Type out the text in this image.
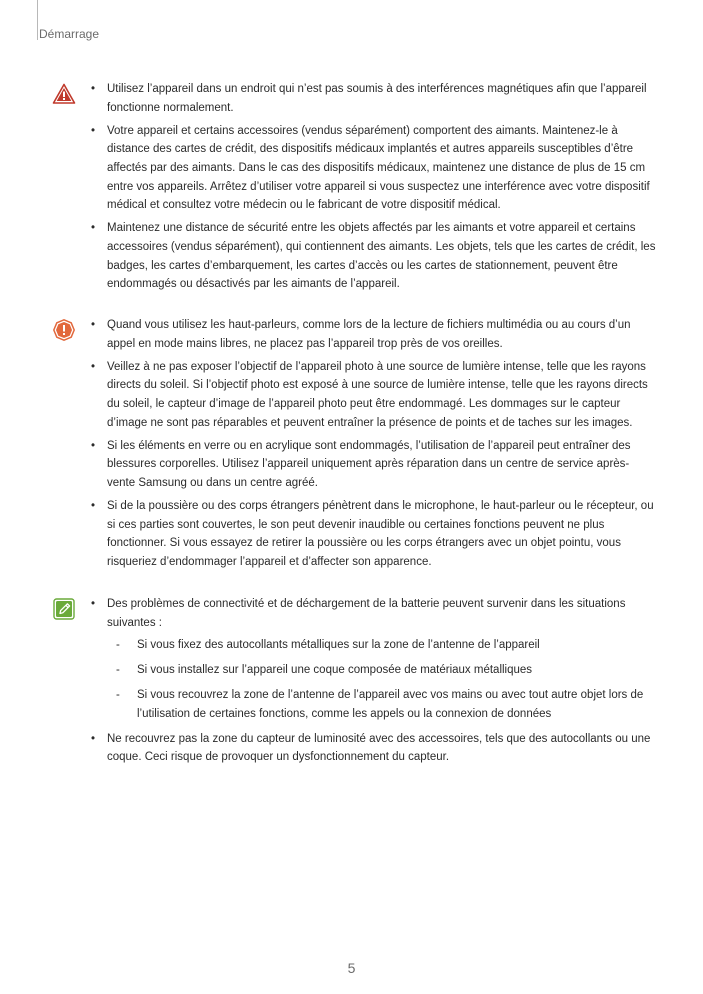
Démarrage
• Utilisez l’appareil dans un endroit qui n’est pas soumis à des interférences magnétiques afin que l’appareil fonctionne normalement.
• Votre appareil et certains accessoires (vendus séparément) comportent des aimants. Maintenez-le à distance des cartes de crédit, des dispositifs médicaux implantés et autres appareils susceptibles d’être affectés par des aimants. Dans le cas des dispositifs médicaux, maintenez une distance de plus de 15 cm entre vos appareils. Arrêtez d’utiliser votre appareil si vous suspectez une interférence avec votre dispositif médical et consultez votre médecin ou le fabricant de votre dispositif médical.
• Maintenez une distance de sécurité entre les objets affectés par les aimants et votre appareil et certains accessoires (vendus séparément), qui contiennent des aimants. Les objets, tels que les cartes de crédit, les badges, les cartes d’embarquement, les cartes d’accès ou les cartes de stationnement, peuvent être endommagés ou désactivés par les aimants de l’appareil.
• Quand vous utilisez les haut-parleurs, comme lors de la lecture de fichiers multimédia ou au cours d’un appel en mode mains libres, ne placez pas l’appareil trop près de vos oreilles.
• Veillez à ne pas exposer l’objectif de l’appareil photo à une source de lumière intense, telle que les rayons directs du soleil. Si l’objectif photo est exposé à une source de lumière intense, telle que les rayons directs du soleil, le capteur d’image de l’appareil photo peut être endommagé. Les dommages sur le capteur d’image ne sont pas réparables et peuvent entraîner la présence de points et de taches sur les images.
• Si les éléments en verre ou en acrylique sont endommagés, l’utilisation de l’appareil peut entraîner des blessures corporelles. Utilisez l’appareil uniquement après réparation dans un centre de service après-vente Samsung ou dans un centre agréé.
• Si de la poussière ou des corps étrangers pénètrent dans le microphone, le haut-parleur ou le récepteur, ou si ces parties sont couvertes, le son peut devenir inaudible ou certaines fonctions peuvent ne plus fonctionner. Si vous essayez de retirer la poussière ou les corps étrangers avec un objet pointu, vous risqueriez d’endommager l’appareil et d’affecter son apparence.
• Des problèmes de connectivité et de déchargement de la batterie peuvent survenir dans les situations suivantes :
- Si vous fixez des autocollants métalliques sur la zone de l’antenne de l’appareil
- Si vous installez sur l’appareil une coque composée de matériaux métalliques
- Si vous recouvrez la zone de l’antenne de l’appareil avec vos mains ou avec tout autre objet lors de l’utilisation de certaines fonctions, comme les appels ou la connexion de données
• Ne recouvrez pas la zone du capteur de luminosité avec des accessoires, tels que des autocollants ou une coque. Ceci risque de provoquer un dysfonctionnement du capteur.
5
